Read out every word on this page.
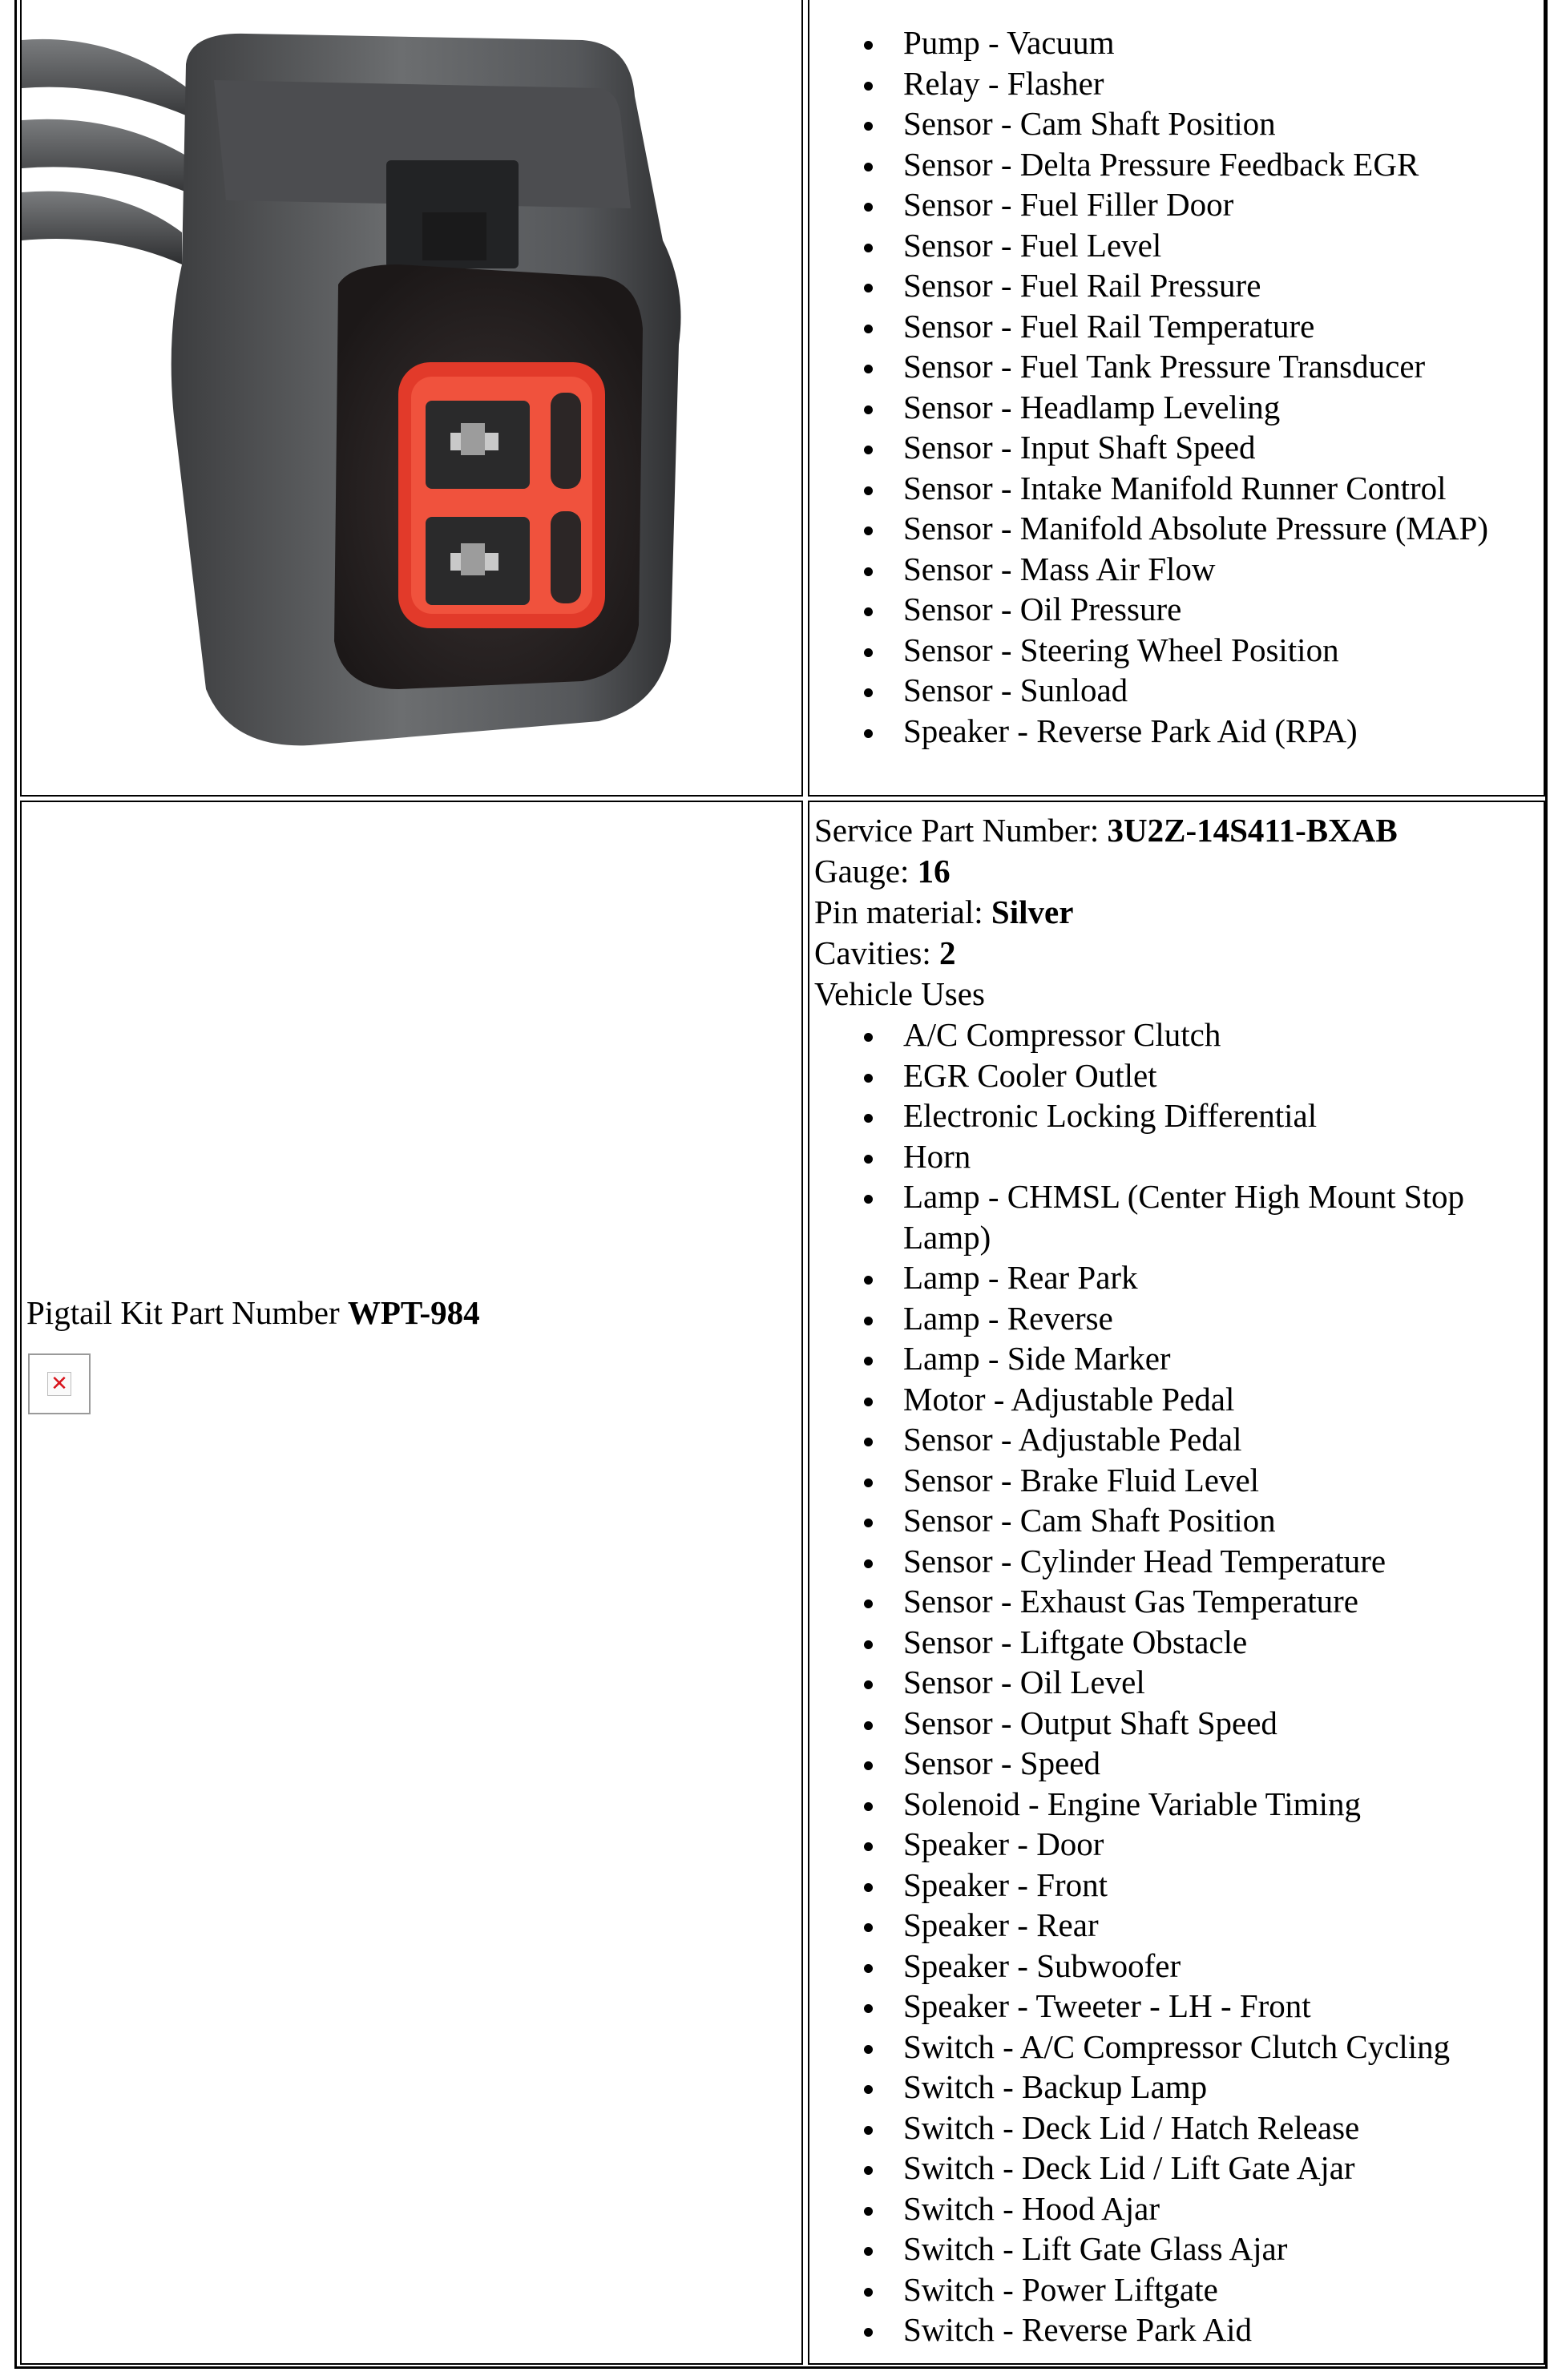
Pump - Vacuum
Relay - Flasher
Sensor - Cam Shaft Position
Sensor - Delta Pressure Feedback EGR
Sensor - Fuel Filler Door
Sensor - Fuel Level
Sensor - Fuel Rail Pressure
Sensor - Fuel Rail Temperature
Sensor - Fuel Tank Pressure Transducer
Sensor - Headlamp Leveling
Sensor - Input Shaft Speed
Sensor - Intake Manifold Runner Control
Sensor - Manifold Absolute Pressure (MAP)
Sensor - Mass Air Flow
Sensor - Oil Pressure
Sensor - Steering Wheel Position
Sensor - Sunload
Speaker - Reverse Park Aid (RPA)
Pigtail Kit Part Number WPT-984
✕
Service Part Number: 3U2Z-14S411-BXAB
Gauge: 16
Pin material: Silver
Cavities: 2
Vehicle Uses
A/C Compressor Clutch
EGR Cooler Outlet
Electronic Locking Differential
Horn
Lamp - CHMSL (Center High Mount Stop Lamp)
Lamp - Rear Park
Lamp - Reverse
Lamp - Side Marker
Motor - Adjustable Pedal
Sensor - Adjustable Pedal
Sensor - Brake Fluid Level
Sensor - Cam Shaft Position
Sensor - Cylinder Head Temperature
Sensor - Exhaust Gas Temperature
Sensor - Liftgate Obstacle
Sensor - Oil Level
Sensor - Output Shaft Speed
Sensor - Speed
Solenoid - Engine Variable Timing
Speaker - Door
Speaker - Front
Speaker - Rear
Speaker - Subwoofer
Speaker - Tweeter - LH - Front
Switch - A/C Compressor Clutch Cycling
Switch - Backup Lamp
Switch - Deck Lid / Hatch Release
Switch - Deck Lid / Lift Gate Ajar
Switch - Hood Ajar
Switch - Lift Gate Glass Ajar
Switch - Power Liftgate
Switch - Reverse Park Aid
